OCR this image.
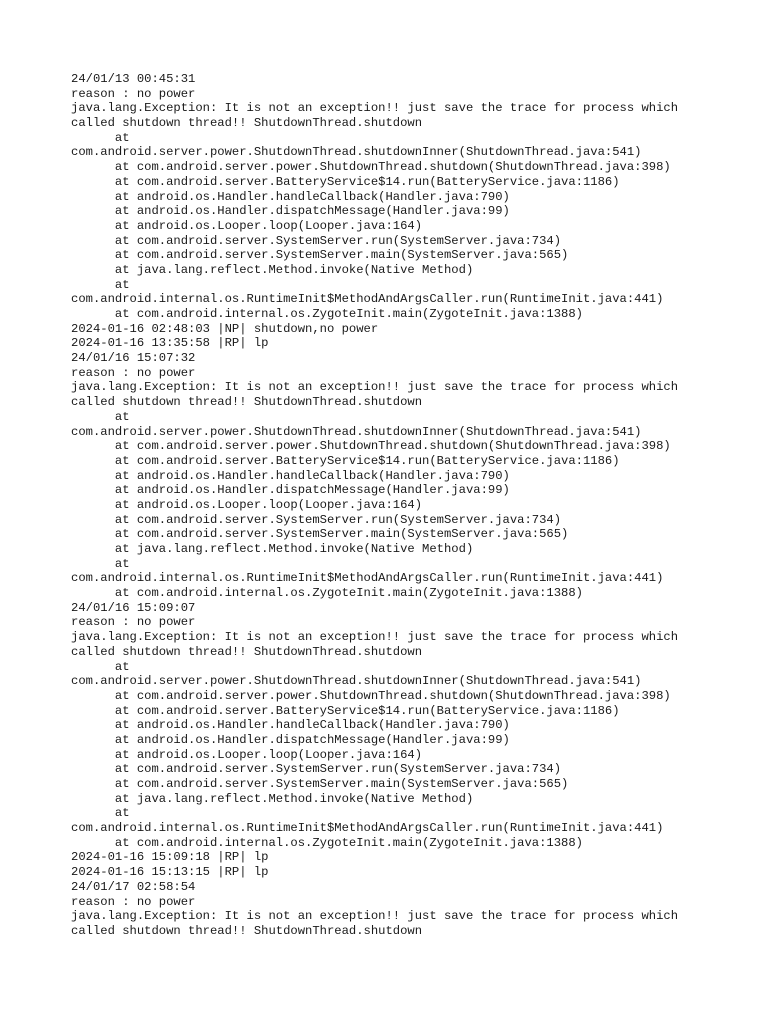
24/01/13 00:45:31
reason : no power
java.lang.Exception: It is not an exception!! just save the trace for process which
called shutdown thread!! ShutdownThread.shutdown
at
com.android.server.power.ShutdownThread.shutdownInner(ShutdownThread.java:541)
at com.android.server.power.ShutdownThread.shutdown(ShutdownThread.java:398)
at com.android.server.BatteryService$14.run(BatteryService.java:1186)
at android.os.Handler.handleCallback(Handler.java:790)
at android.os.Handler.dispatchMessage(Handler.java:99)
at android.os.Looper.loop(Looper.java:164)
at com.android.server.SystemServer.run(SystemServer.java:734)
at com.android.server.SystemServer.main(SystemServer.java:565)
at java.lang.reflect.Method.invoke(Native Method)
at
com.android.internal.os.RuntimeInit$MethodAndArgsCaller.run(RuntimeInit.java:441)
at com.android.internal.os.ZygoteInit.main(ZygoteInit.java:1388)
2024-01-16 02:48:03 |NP| shutdown,no power
2024-01-16 13:35:58 |RP| lp
24/01/16 15:07:32
reason : no power
java.lang.Exception: It is not an exception!! just save the trace for process which
called shutdown thread!! ShutdownThread.shutdown
at
com.android.server.power.ShutdownThread.shutdownInner(ShutdownThread.java:541)
at com.android.server.power.ShutdownThread.shutdown(ShutdownThread.java:398)
at com.android.server.BatteryService$14.run(BatteryService.java:1186)
at android.os.Handler.handleCallback(Handler.java:790)
at android.os.Handler.dispatchMessage(Handler.java:99)
at android.os.Looper.loop(Looper.java:164)
at com.android.server.SystemServer.run(SystemServer.java:734)
at com.android.server.SystemServer.main(SystemServer.java:565)
at java.lang.reflect.Method.invoke(Native Method)
at
com.android.internal.os.RuntimeInit$MethodAndArgsCaller.run(RuntimeInit.java:441)
at com.android.internal.os.ZygoteInit.main(ZygoteInit.java:1388)
24/01/16 15:09:07
reason : no power
java.lang.Exception: It is not an exception!! just save the trace for process which
called shutdown thread!! ShutdownThread.shutdown
at
com.android.server.power.ShutdownThread.shutdownInner(ShutdownThread.java:541)
at com.android.server.power.ShutdownThread.shutdown(ShutdownThread.java:398)
at com.android.server.BatteryService$14.run(BatteryService.java:1186)
at android.os.Handler.handleCallback(Handler.java:790)
at android.os.Handler.dispatchMessage(Handler.java:99)
at android.os.Looper.loop(Looper.java:164)
at com.android.server.SystemServer.run(SystemServer.java:734)
at com.android.server.SystemServer.main(SystemServer.java:565)
at java.lang.reflect.Method.invoke(Native Method)
at
com.android.internal.os.RuntimeInit$MethodAndArgsCaller.run(RuntimeInit.java:441)
at com.android.internal.os.ZygoteInit.main(ZygoteInit.java:1388)
2024-01-16 15:09:18 |RP| lp
2024-01-16 15:13:15 |RP| lp
24/01/17 02:58:54
reason : no power
java.lang.Exception: It is not an exception!! just save the trace for process which
called shutdown thread!! ShutdownThread.shutdown
